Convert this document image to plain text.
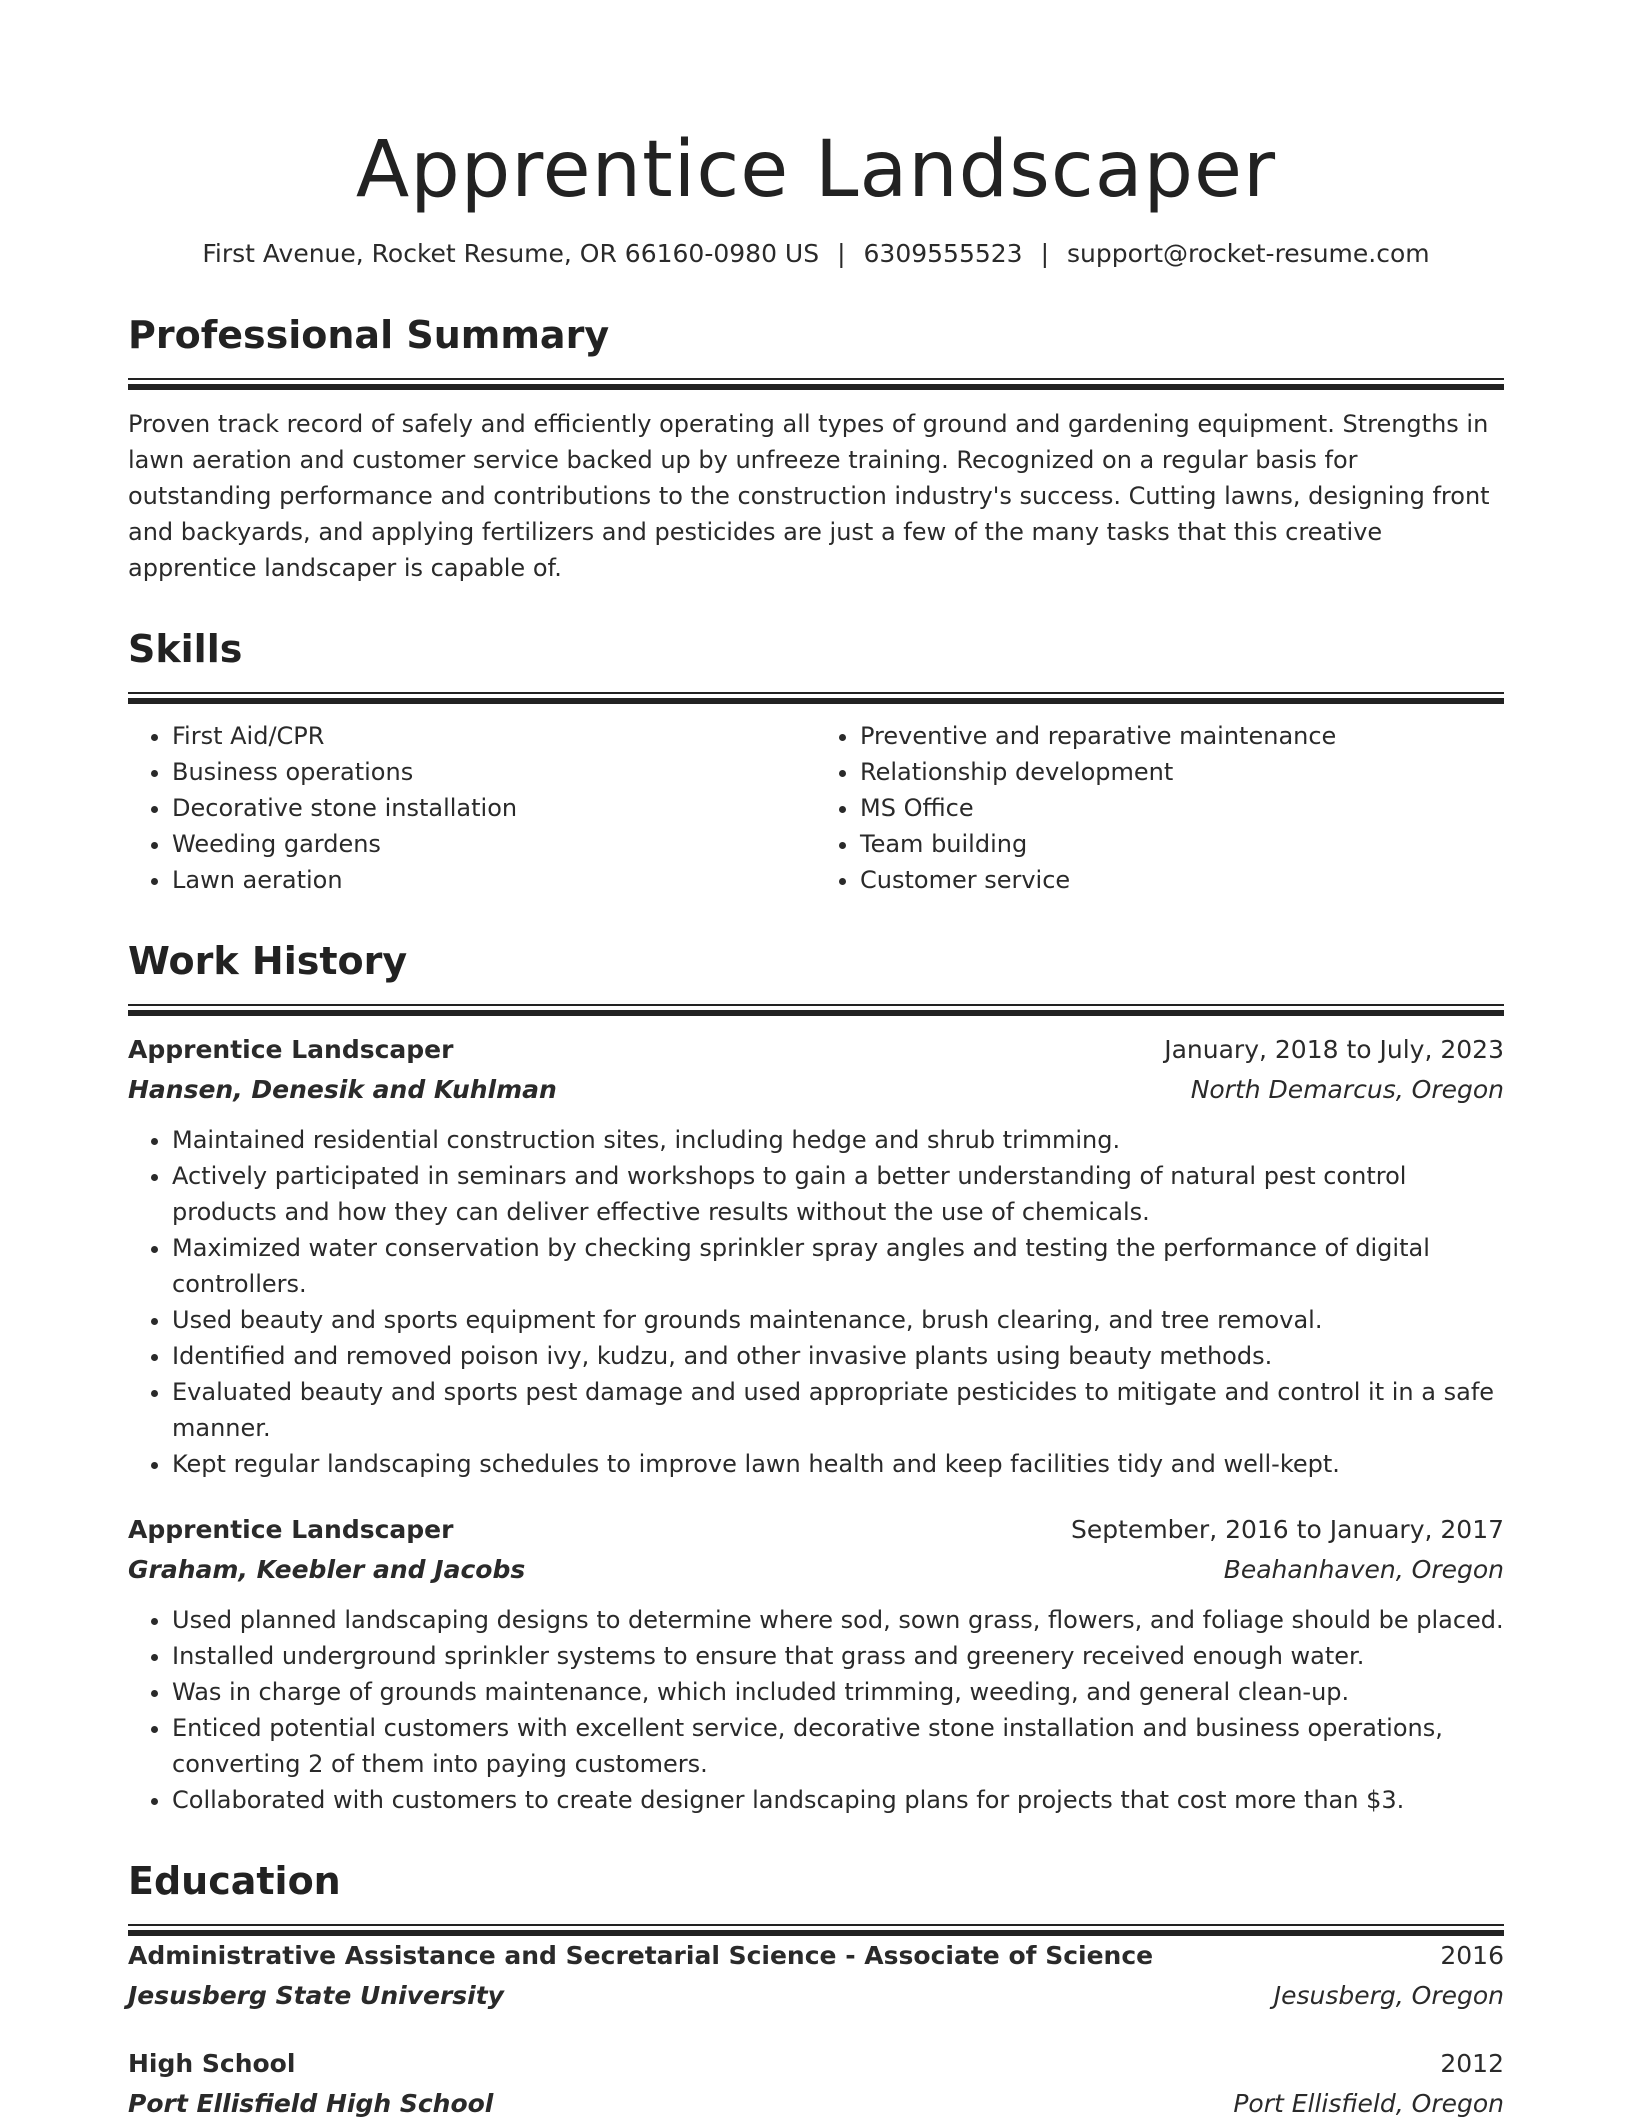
Apprentice Landscaper
First Avenue, Rocket Resume, OR 66160-0980 US | 6309555523 | support@rocket-resume.com
Professional Summary
Proven track record of safely and efficiently operating all types of ground and gardening equipment. Strengths in lawn aeration and customer service backed up by unfreeze training. Recognized on a regular basis for outstanding performance and contributions to the construction industry's success. Cutting lawns, designing front and backyards, and applying fertilizers and pesticides are just a few of the many tasks that this creative apprentice landscaper is capable of.
Skills
• First Aid/CPR
• Business operations
• Decorative stone installation
• Weeding gardens
• Lawn aeration
• Preventive and reparative maintenance
• Relationship development
• MS Office
• Team building
• Customer service
Work History
Apprentice Landscaper	January, 2018 to July, 2023
Hansen, Denesik and Kuhlman	North Demarcus, Oregon
• Maintained residential construction sites, including hedge and shrub trimming.
• Actively participated in seminars and workshops to gain a better understanding of natural pest control products and how they can deliver effective results without the use of chemicals.
• Maximized water conservation by checking sprinkler spray angles and testing the performance of digital controllers.
• Used beauty and sports equipment for grounds maintenance, brush clearing, and tree removal.
• Identified and removed poison ivy, kudzu, and other invasive plants using beauty methods.
• Evaluated beauty and sports pest damage and used appropriate pesticides to mitigate and control it in a safe manner.
• Kept regular landscaping schedules to improve lawn health and keep facilities tidy and well-kept.
Apprentice Landscaper	September, 2016 to January, 2017
Graham, Keebler and Jacobs	Beahanhaven, Oregon
• Used planned landscaping designs to determine where sod, sown grass, flowers, and foliage should be placed.
• Installed underground sprinkler systems to ensure that grass and greenery received enough water.
• Was in charge of grounds maintenance, which included trimming, weeding, and general clean-up.
• Enticed potential customers with excellent service, decorative stone installation and business operations, converting 2 of them into paying customers.
• Collaborated with customers to create designer landscaping plans for projects that cost more than $3.
Education
Administrative Assistance and Secretarial Science - Associate of Science	2016
Jesusberg State University	Jesusberg, Oregon
High School	2012
Port Ellisfield High School	Port Ellisfield, Oregon
